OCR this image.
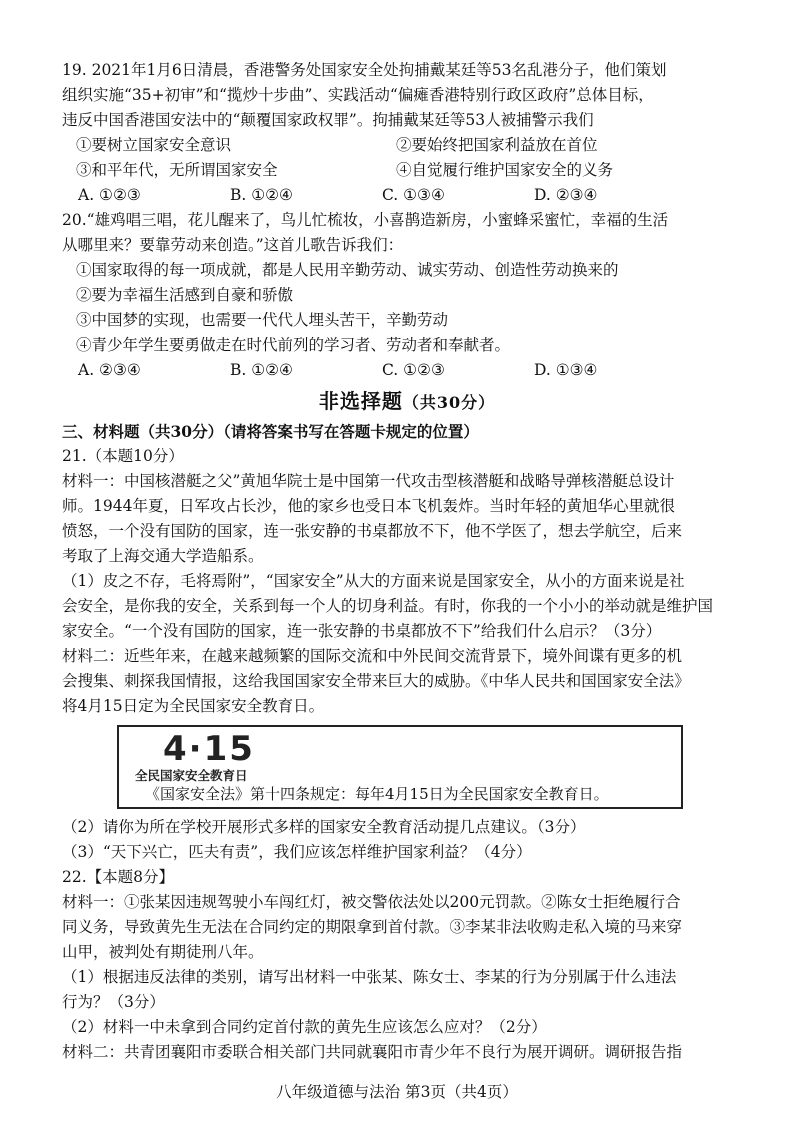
19. 2021年1月6日清晨，香港警务处国家安全处拘捕戴某廷等53名乱港分子，他们策划

组织实施“35+初审”和“揽炒十步曲”、实践活动“偏瘫香港特别行政区政府”总体目标，

违反中国香港国安法中的“颠覆国家政权罪”。拘捕戴某廷等53人被捕警示我们

①要树立国家安全意识	②要始终把国家利益放在首位
③和平年代，无所谓国家安全	④自觉履行维护国家安全的义务
A. ①②③	B. ①②④	C. ①③④	D. ②③④

20.“雄鸡唱三唱，花儿醒来了，鸟儿忙梳妆，小喜鹊造新房，小蜜蜂采蜜忙，幸福的生活

从哪里来？要靠劳动来创造。”这首儿歌告诉我们：

①国家取得的每一项成就，都是人民用辛勤劳动、诚实劳动、创造性劳动换来的

②要为幸福生活感到自豪和骄傲

③中国梦的实现，也需要一代代人埋头苦干，辛勤劳动

④青少年学生要勇做走在时代前列的学习者、劳动者和奉献者。

A. ②③④	B. ①②④	C. ①②③	D. ①③④
非选择题（共30分）

三、材料题（共30分）（请将答案书写在答题卡规定的位置）

21.（本题10分）

材料一：中国核潜艇之父”黄旭华院士是中国第一代攻击型核潜艇和战略导弹核潜艇总设计

师。1944年夏，日军攻占长沙，他的家乡也受日本飞机轰炸。当时年轻的黄旭华心里就很

愤怒，一个没有国防的国家，连一张安静的书桌都放不下，他不学医了，想去学航空，后来

考取了上海交通大学造船系。

（1）皮之不存，毛将焉附”，“国家安全”从大的方面来说是国家安全，从小的方面来说是社

会安全，是你我的安全，关系到每一个人的切身利益。有时，你我的一个小小的举动就是维护国

家安全。“一个没有国防的国家，连一张安静的书桌都放不下”给我们什么启示？（3分）

材料二：近些年来，在越来越频繁的国际交流和中外民间交流背景下，境外间谍有更多的机

会搜集、刺探我国情报，这给我国国家安全带来巨大的威胁。《中华人民共和国国家安全法》

将4月15日定为全民国家安全教育日。

4·15
全民国家安全教育日
《国家安全法》第十四条规定：每年4月15日为全民国家安全教育日。

（2）请你为所在学校开展形式多样的国家安全教育活动提几点建议。（3分）

（3）“天下兴亡，匹夫有责”，我们应该怎样维护国家利益？（4分）

22.【本题8分】

材料一：①张某因违规驾驶小车闯红灯，被交警依法处以200元罚款。②陈女士拒绝履行合

同义务，导致黄先生无法在合同约定的期限拿到首付款。③李某非法收购走私入境的马来穿

山甲，被判处有期徒刑八年。

（1）根据违反法律的类别，请写出材料一中张某、陈女士、李某的行为分别属于什么违法

行为？（3分）

（2）材料一中未拿到合同约定首付款的黄先生应该怎么应对？（2分）

材料二：共青团襄阳市委联合相关部门共同就襄阳市青少年不良行为展开调研。调研报告指

八年级道德与法治 第3页（共4页）
